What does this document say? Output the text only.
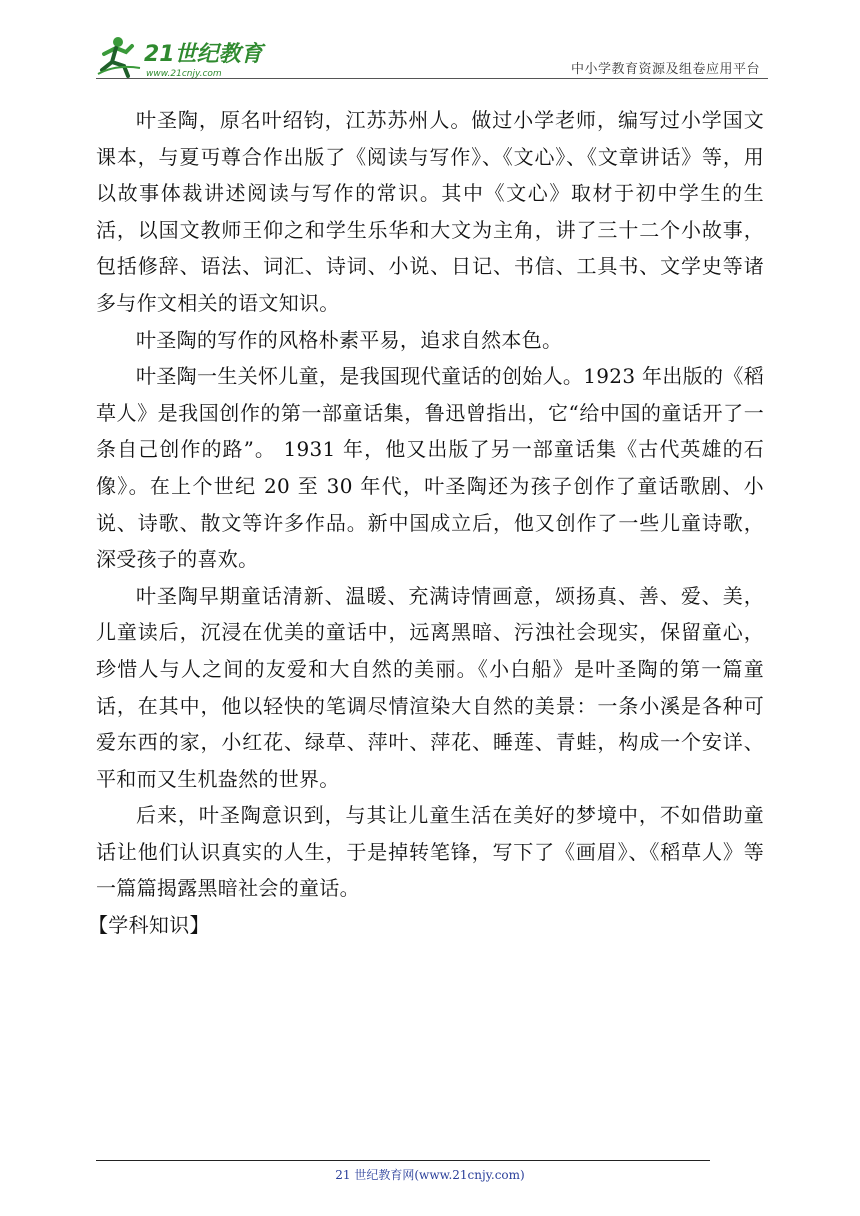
21世纪教育
www.21cnjy.com	中小学教育资源及组卷应用平台

叶圣陶，原名叶绍钧，江苏苏州人。做过小学老师，编写过小学国文课本，与夏丏尊合作出版了《阅读与写作》、《文心》、《文章讲话》等，用以故事体裁讲述阅读与写作的常识。其中《文心》取材于初中学生的生活，以国文教师王仰之和学生乐华和大文为主角，讲了三十二个小故事，包括修辞、语法、词汇、诗词、小说、日记、书信、工具书、文学史等诸多与作文相关的语文知识。

叶圣陶的写作的风格朴素平易，追求自然本色。

叶圣陶一生关怀儿童，是我国现代童话的创始人。1923 年出版的《稻草人》是我国创作的第一部童话集，鲁迅曾指出，它“给中国的童话开了一条自己创作的路”。 1931 年，他又出版了另一部童话集《古代英雄的石像》。在上个世纪 20 至 30 年代，叶圣陶还为孩子创作了童话歌剧、小说、诗歌、散文等许多作品。新中国成立后，他又创作了一些儿童诗歌，深受孩子的喜欢。

叶圣陶早期童话清新、温暖、充满诗情画意，颂扬真、善、爱、美，儿童读后，沉浸在优美的童话中，远离黑暗、污浊社会现实，保留童心，珍惜人与人之间的友爱和大自然的美丽。《小白船》是叶圣陶的第一篇童话，在其中，他以轻快的笔调尽情渲染大自然的美景：一条小溪是各种可爱东西的家，小红花、绿草、萍叶、萍花、睡莲、青蛙，构成一个安详、平和而又生机盎然的世界。

后来，叶圣陶意识到，与其让儿童生活在美好的梦境中，不如借助童话让他们认识真实的人生，于是掉转笔锋，写下了《画眉》、《稻草人》等一篇篇揭露黑暗社会的童话。

【学科知识】

21 世纪教育网(www.21cnjy.com)
